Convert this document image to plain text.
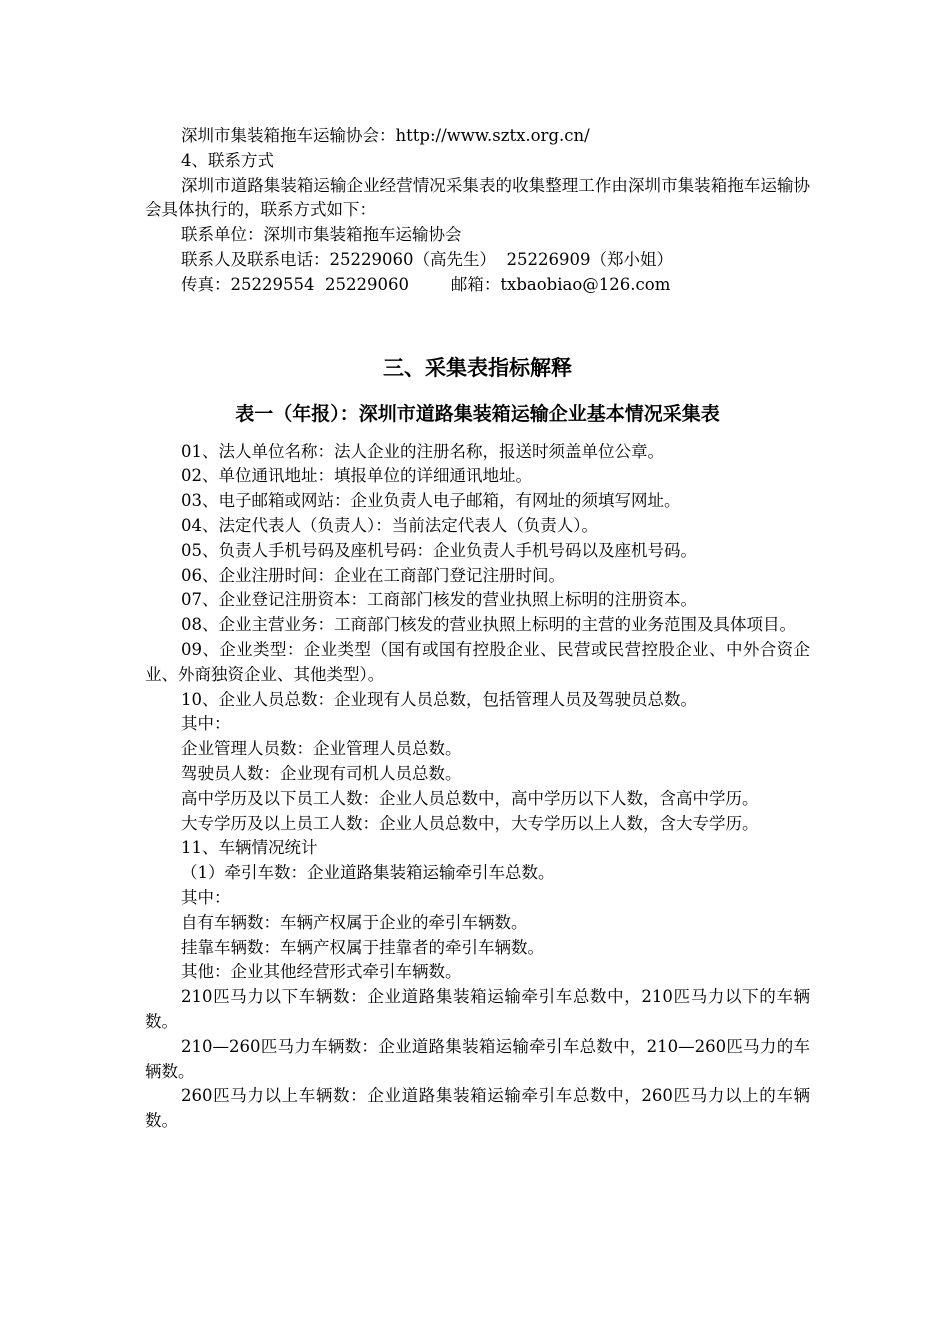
深圳市集装箱拖车运输协会：http://www.sztx.org.cn/
4、联系方式
深圳市道路集装箱运输企业经营情况采集表的收集整理工作由深圳市集装箱拖车运输协会具体执行的，联系方式如下：
联系单位：深圳市集装箱拖车运输协会
联系人及联系电话：25229060（高先生）  25226909（郑小姐）
传真：25229554  25229060        邮箱：txbaobiao@126.com
三、采集表指标解释
表一（年报）：深圳市道路集装箱运输企业基本情况采集表
01、法人单位名称：法人企业的注册名称，报送时须盖单位公章。
02、单位通讯地址：填报单位的详细通讯地址。
03、电子邮箱或网站：企业负责人电子邮箱，有网址的须填写网址。
04、法定代表人（负责人）：当前法定代表人（负责人）。
05、负责人手机号码及座机号码：企业负责人手机号码以及座机号码。
06、企业注册时间：企业在工商部门登记注册时间。
07、企业登记注册资本：工商部门核发的营业执照上标明的注册资本。
08、企业主营业务：工商部门核发的营业执照上标明的主营的业务范围及具体项目。
09、企业类型：企业类型（国有或国有控股企业、民营或民营控股企业、中外合资企业、外商独资企业、其他类型）。
10、企业人员总数：企业现有人员总数，包括管理人员及驾驶员总数。
其中：
企业管理人员数：企业管理人员总数。
驾驶员人数：企业现有司机人员总数。
高中学历及以下员工人数：企业人员总数中，高中学历以下人数，含高中学历。
大专学历及以上员工人数：企业人员总数中，大专学历以上人数，含大专学历。
11、车辆情况统计
（1）牵引车数：企业道路集装箱运输牵引车总数。
其中：
自有车辆数：车辆产权属于企业的牵引车辆数。
挂靠车辆数：车辆产权属于挂靠者的牵引车辆数。
其他：企业其他经营形式牵引车辆数。
210匹马力以下车辆数：企业道路集装箱运输牵引车总数中，210匹马力以下的车辆数。
210—260匹马力车辆数：企业道路集装箱运输牵引车总数中，210—260匹马力的车辆数。
260匹马力以上车辆数：企业道路集装箱运输牵引车总数中，260匹马力以上的车辆数。
